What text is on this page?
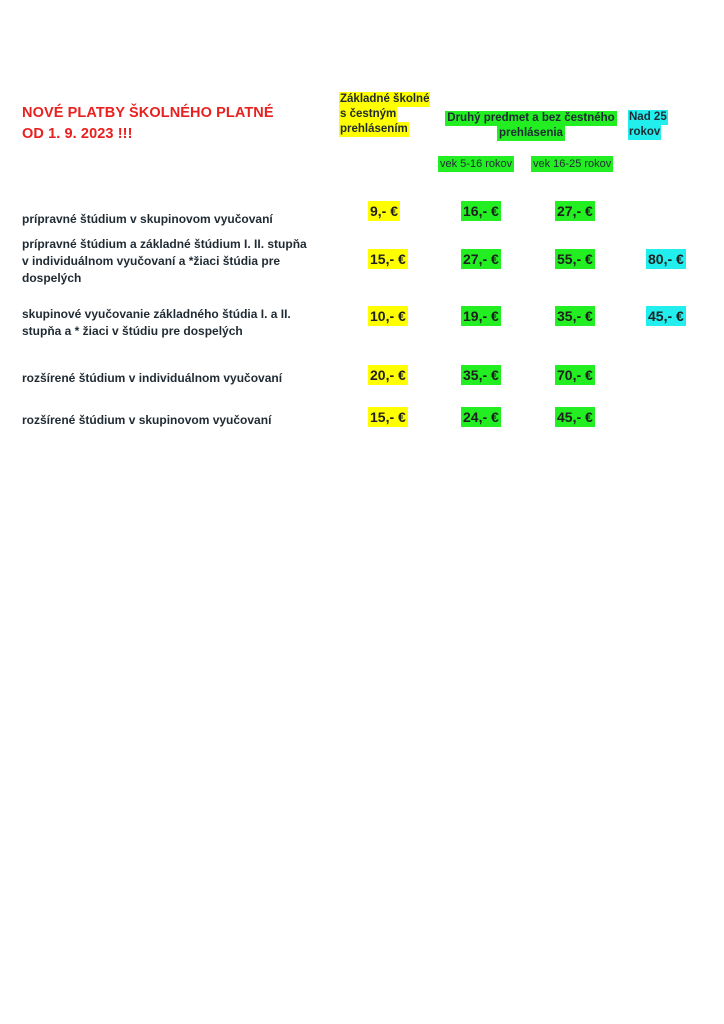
NOVÉ PLATBY ŠKOLNÉHO PLATNÉ
OD 1. 9. 2023 !!!
Základné školné
s čestným
prehlásením
Druhý predmet a bez čestného
prehlásenia
Nad 25
rokov
vek 5-16 rokov vek 16-25 rokov
prípravné štúdium v skupinovom vyučovaní	9,- €	16,- €	27,- €
prípravné štúdium a základné štúdium I. II. stupňa
v individuálnom vyučovaní a *žiaci štúdia pre
dospelých
15,- €	27,- €	55,- €	80,- €
skupinové vyučovanie základného štúdia I. a II.
stupňa a * žiaci v štúdiu pre dospelých
10,- €	19,- €	35,- €	45,- €
rozšírené štúdium v individuálnom vyučovaní	20,- €	35,- €	70,- €
rozšírené štúdium v skupinovom vyučovaní	15,- €	24,- €	45,- €
